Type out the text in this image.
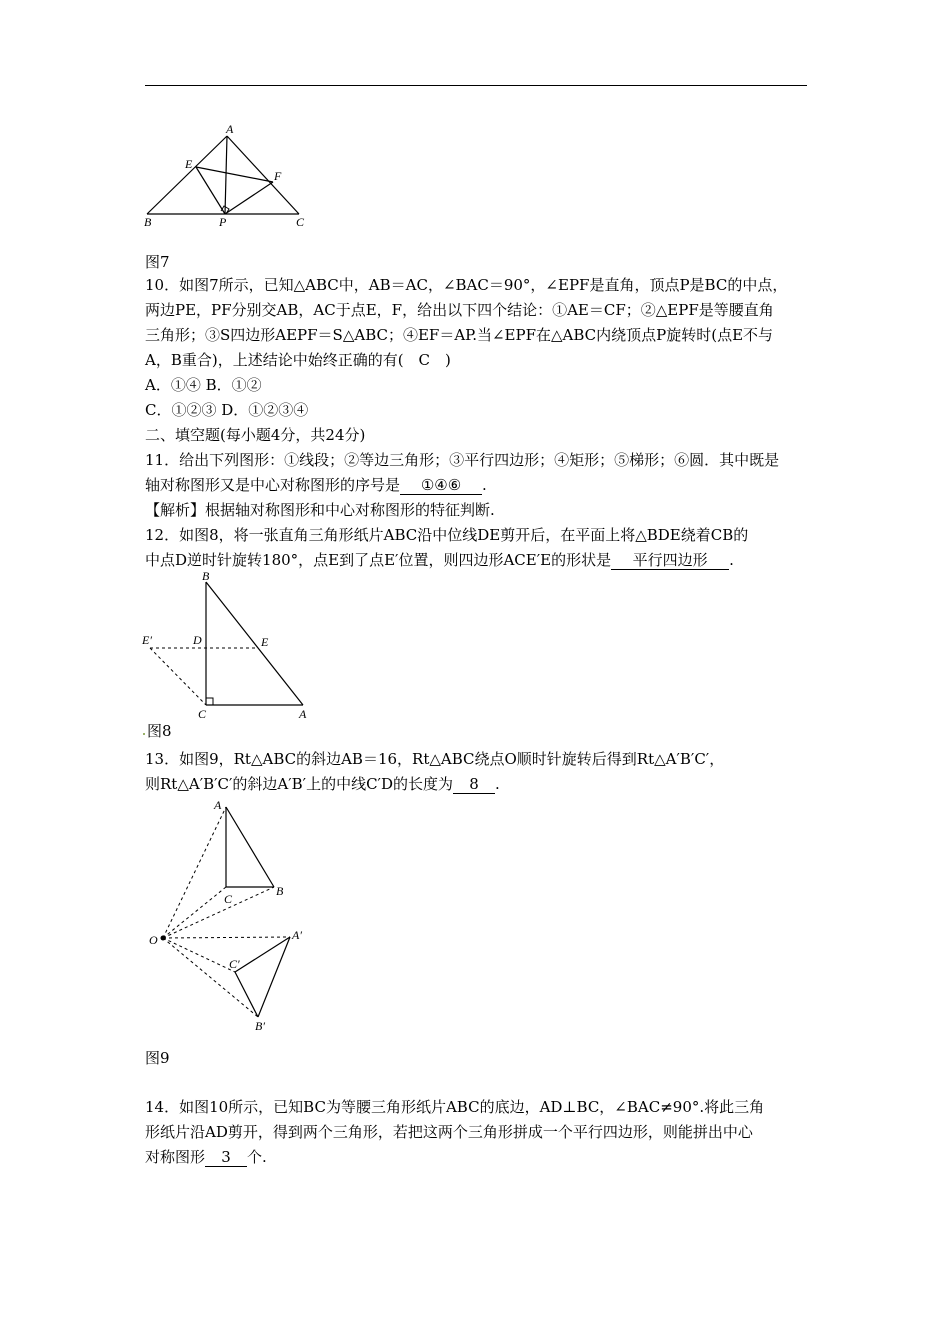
A
E
F
B	P	C
图7
10．如图7所示，已知△ABC中，AB＝AC，∠BAC＝90°，∠EPF是直角，顶点P是BC的中点，
两边PE，PF分别交AB，AC于点E，F，给出以下四个结论：①AE＝CF；②△EPF是等腰直角
三角形；③S四边形AEPF＝S△ABC；④EF＝AP.当∠EPF在△ABC内绕顶点P旋转时(点E不与
A，B重合)，上述结论中始终正确的有(　C　)
A．①④ B．①②
C．①②③ D．①②③④
二、填空题(每小题4分，共24分)
11．给出下列图形：①线段；②等边三角形；③平行四边形；④矩形；⑤梯形；⑥圆．其中既是
轴对称图形又是中心对称图形的序号是 ①④⑥ .
【解析】根据轴对称图形和中心对称图形的特征判断.
12．如图8，将一张直角三角形纸片ABC沿中位线DE剪开后，在平面上将△BDE绕着CB的
中点D逆时针旋转180°，点E到了点E′位置，则四边形ACE′E的形状是 平行四边形 .
B
E′	D	E
C	A
图8
13．如图9，Rt△ABC的斜边AB＝16，Rt△ABC绕点O顺时针旋转后得到Rt△A′B′C′，
则Rt△A′B′C′的斜边A′B′上的中线C′D的长度为 8 .
A
B
C
O	A′
C′
B′
图9
14．如图10所示，已知BC为等腰三角形纸片ABC的底边，AD⊥BC，∠BAC≠90°.将此三角
形纸片沿AD剪开，得到两个三角形，若把这两个三角形拼成一个平行四边形，则能拼出中心
对称图形 3 个.
